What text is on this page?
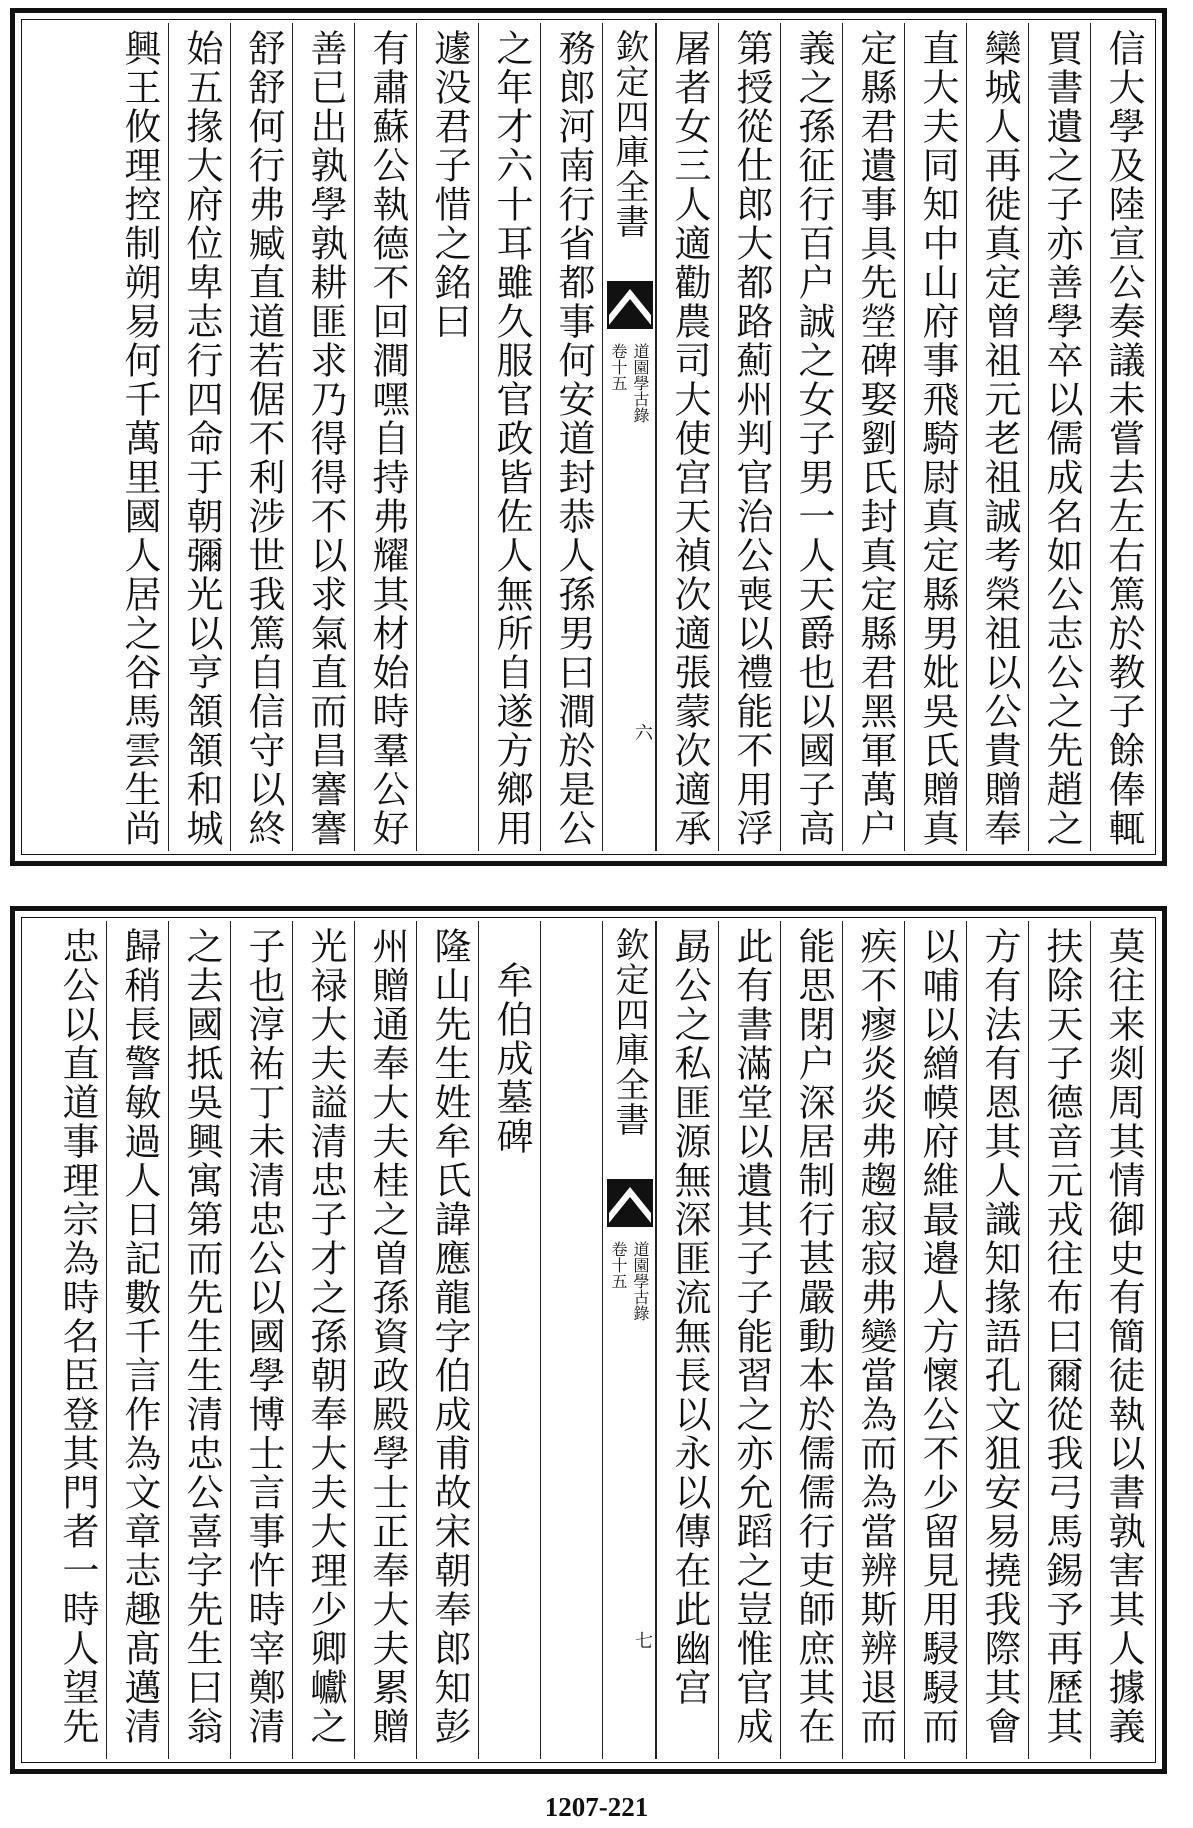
信大學及陸宣公奏議未嘗去左右篤於教子餘俸輒
買書遺之子亦善學卒以儒成名如公志公之先趙之
欒城人再徙真定曾祖元老祖誠考榮祖以公貴贈奉
直大夫同知中山府事飛騎尉真定縣男妣吳氏贈真
定縣君遺事具先塋碑娶劉氏封真定縣君黑軍萬户
義之孫征行百户誠之女子男一人天爵也以國子高
第授從仕郎大都路薊州判官治公喪以禮能不用浮
屠者女三人適勸農司大使宫天禎次適張蒙次適承
欽定四庫全書
道園學古錄
卷十五
六
務郎河南行省都事何安道封恭人孫男曰澗於是公
之年才六十耳雖久服官政皆佐人無所自遂方鄉用
遽没君子惜之銘曰
有肅蘇公執德不回澗嘿自持弗耀其材始時羣公好
善已出孰學孰耕匪求乃得得不以求氣直而昌謇謇
舒舒何行弗臧直道若倨不利涉世我篤自信守以終
始五掾大府位卑志行四命于朝彌光以亨頷頷和城
興王攸理控制朔易何千萬里國人居之谷馬雲生尚
莫往来剡周其情御史有簡徒執以書孰害其人據義
扶除天子德音元戎往布曰爾從我弓馬錫予再歷其
方有法有恩其人識知掾語孔文狙安易撓我際其會
以哺以繒幙府維最邉人方懷公不少留見用駸駸而
疾不瘳炎炎弗趨寂寂弗變當為而為當辨斯辨退而
能思閉户深居制行甚嚴動本於儒儒行吏師庶其在
此有書滿堂以遺其子子能習之亦允蹈之豈惟官成
勗公之私匪源無深匪流無長以永以傳在此幽宫
欽定四庫全書
道園學古錄
卷十五
七
牟伯成墓碑
隆山先生姓牟氏諱應龍字伯成甫故宋朝奉郎知彭
州贈通奉大夫桂之曽孫資政殿學士正奉大夫累贈
光禄大夫謚清忠子才之孫朝奉大夫大理少卿巘之
子也淳祐丁未清忠公以國學博士言事忤時宰鄭清
之去國抵吳興寓第而先生生清忠公喜字先生曰翁
歸稍長警敏過人日記數千言作為文章志趣髙邁清
忠公以直道事理宗為時名臣登其門者一時人望先
1207-221
